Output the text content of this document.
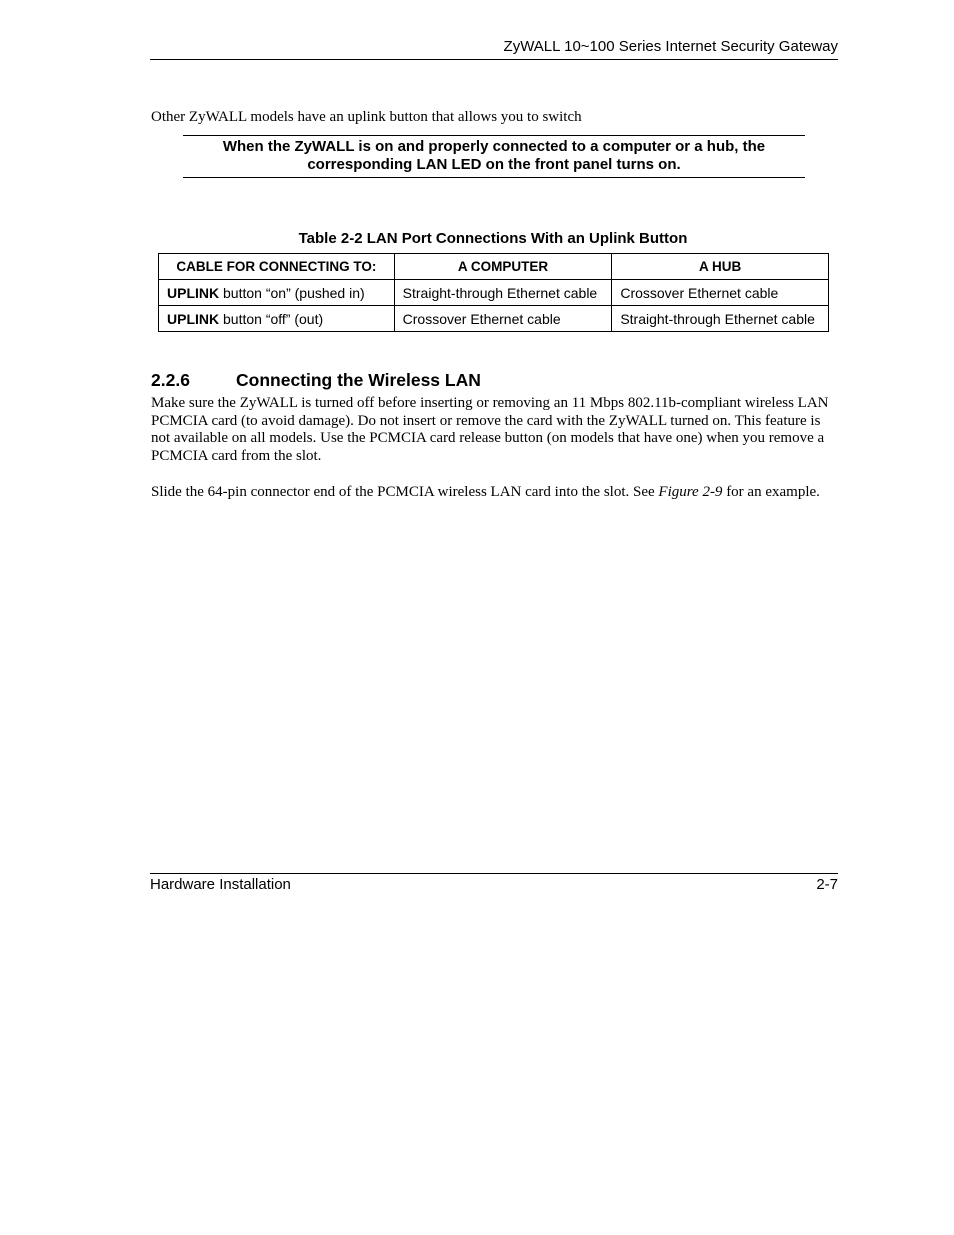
ZyWALL 10~100 Series Internet Security Gateway
Other ZyWALL models have an uplink button that allows you to switch
When the ZyWALL is on and properly connected to a computer or a hub, the
corresponding LAN LED on the front panel turns on.
Table 2-2 LAN Port Connections With an Uplink Button
CABLE FOR CONNECTING TO:	A COMPUTER	A HUB
UPLINK button “on” (pushed in)	Straight-through Ethernet cable	Crossover Ethernet cable
UPLINK button “off” (out)	Crossover Ethernet cable	Straight-through Ethernet cable
2.2.6	Connecting the Wireless LAN
Make sure the ZyWALL is turned off before inserting or removing an 11 Mbps 802.11b-compliant wireless LAN PCMCIA card (to avoid damage). Do not insert or remove the card with the ZyWALL turned on. This feature is not available on all models. Use the PCMCIA card release button (on models that have one) when you remove a PCMCIA card from the slot.
Slide the 64-pin connector end of the PCMCIA wireless LAN card into the slot. See Figure 2-9 for an example.
Hardware Installation	2-7
